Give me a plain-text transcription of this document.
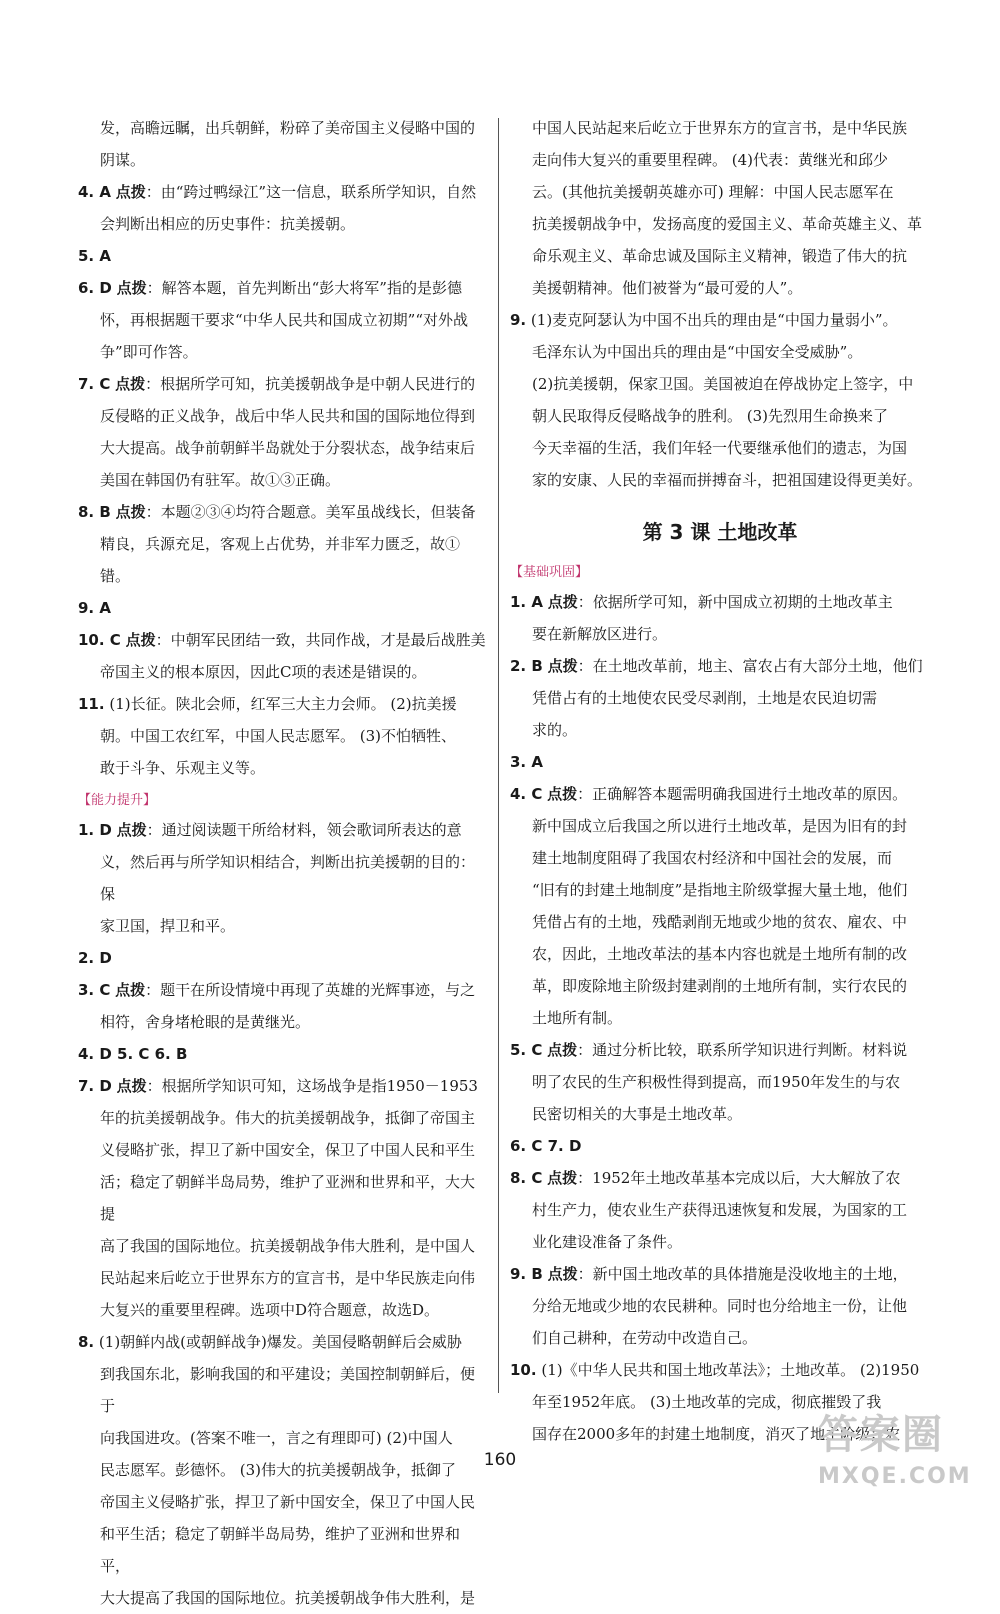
发，高瞻远瞩，出兵朝鲜，粉碎了美帝国主义侵略中国的
阴谋。
4. A 点拨：由“跨过鸭绿江”这一信息，联系所学知识，自然
会判断出相应的历史事件：抗美援朝。
5. A
6. D 点拨：解答本题，首先判断出“彭大将军”指的是彭德
怀，再根据题干要求“中华人民共和国成立初期”“对外战
争”即可作答。
7. C 点拨：根据所学可知，抗美援朝战争是中朝人民进行的
反侵略的正义战争，战后中华人民共和国的国际地位得到
大大提高。战争前朝鲜半岛就处于分裂状态，战争结束后
美国在韩国仍有驻军。故①③正确。
8. B 点拨：本题②③④均符合题意。美军虽战线长，但装备
精良，兵源充足，客观上占优势，并非军力匮乏，故①错。
9. A
10. C 点拨：中朝军民团结一致，共同作战，才是最后战胜美
帝国主义的根本原因，因此C项的表述是错误的。
11. (1)长征。陕北会师，红军三大主力会师。 (2)抗美援
朝。中国工农红军，中国人民志愿军。 (3)不怕牺牲、
敢于斗争、乐观主义等。
【能力提升】
1. D 点拨：通过阅读题干所给材料，领会歌词所表达的意
义，然后再与所学知识相结合，判断出抗美援朝的目的：保
家卫国，捍卫和平。
2. D
3. C 点拨：题干在所设情境中再现了英雄的光辉事迹，与之
相符，舍身堵枪眼的是黄继光。
4. D 5. C 6. B
7. D 点拨：根据所学知识可知，这场战争是指1950－1953
年的抗美援朝战争。伟大的抗美援朝战争，抵御了帝国主
义侵略扩张，捍卫了新中国安全，保卫了中国人民和平生
活；稳定了朝鲜半岛局势，维护了亚洲和世界和平，大大提
高了我国的国际地位。抗美援朝战争伟大胜利，是中国人
民站起来后屹立于世界东方的宣言书，是中华民族走向伟
大复兴的重要里程碑。选项中D符合题意，故选D。
8. (1)朝鲜内战(或朝鲜战争)爆发。美国侵略朝鲜后会威胁
到我国东北，影响我国的和平建设；美国控制朝鲜后，便于
向我国进攻。(答案不唯一，言之有理即可) (2)中国人
民志愿军。彭德怀。 (3)伟大的抗美援朝战争，抵御了
帝国主义侵略扩张，捍卫了新中国安全，保卫了中国人民
和平生活；稳定了朝鲜半岛局势，维护了亚洲和世界和平，
大大提高了我国的国际地位。抗美援朝战争伟大胜利，是
中国人民站起来后屹立于世界东方的宣言书，是中华民族
走向伟大复兴的重要里程碑。 (4)代表：黄继光和邱少
云。(其他抗美援朝英雄亦可) 理解：中国人民志愿军在
抗美援朝战争中，发扬高度的爱国主义、革命英雄主义、革
命乐观主义、革命忠诚及国际主义精神，锻造了伟大的抗
美援朝精神。他们被誉为“最可爱的人”。
9. (1)麦克阿瑟认为中国不出兵的理由是“中国力量弱小”。
毛泽东认为中国出兵的理由是“中国安全受威胁”。
(2)抗美援朝，保家卫国。美国被迫在停战协定上签字，中
朝人民取得反侵略战争的胜利。 (3)先烈用生命换来了
今天幸福的生活，我们年轻一代要继承他们的遗志，为国
家的安康、人民的幸福而拼搏奋斗，把祖国建设得更美好。
第 3 课 土地改革
【基础巩固】
1. A 点拨：依据所学可知，新中国成立初期的土地改革主
要在新解放区进行。
2. B 点拨：在土地改革前，地主、富农占有大部分土地，他们
凭借占有的土地使农民受尽剥削，土地是农民迫切需
求的。
3. A
4. C 点拨：正确解答本题需明确我国进行土地改革的原因。
新中国成立后我国之所以进行土地改革，是因为旧有的封
建土地制度阻碍了我国农村经济和中国社会的发展，而
“旧有的封建土地制度”是指地主阶级掌握大量土地，他们
凭借占有的土地，残酷剥削无地或少地的贫农、雇农、中
农，因此，土地改革法的基本内容也就是土地所有制的改
革，即废除地主阶级封建剥削的土地所有制，实行农民的
土地所有制。
5. C 点拨：通过分析比较，联系所学知识进行判断。材料说
明了农民的生产积极性得到提高，而1950年发生的与农
民密切相关的大事是土地改革。
6. C 7. D
8. C 点拨：1952年土地改革基本完成以后，大大解放了农
村生产力，使农业生产获得迅速恢复和发展，为国家的工
业化建设准备了条件。
9. B 点拨：新中国土地改革的具体措施是没收地主的土地，
分给无地或少地的农民耕种。同时也分给地主一份，让他
们自己耕种，在劳动中改造自己。
10. (1)《中华人民共和国土地改革法》；土地改革。 (2)1950
年至1952年底。 (3)土地改革的完成，彻底摧毁了我
国存在2000多年的封建土地制度，消灭了地主阶级；农
160
答案圈
MXQE.COM
